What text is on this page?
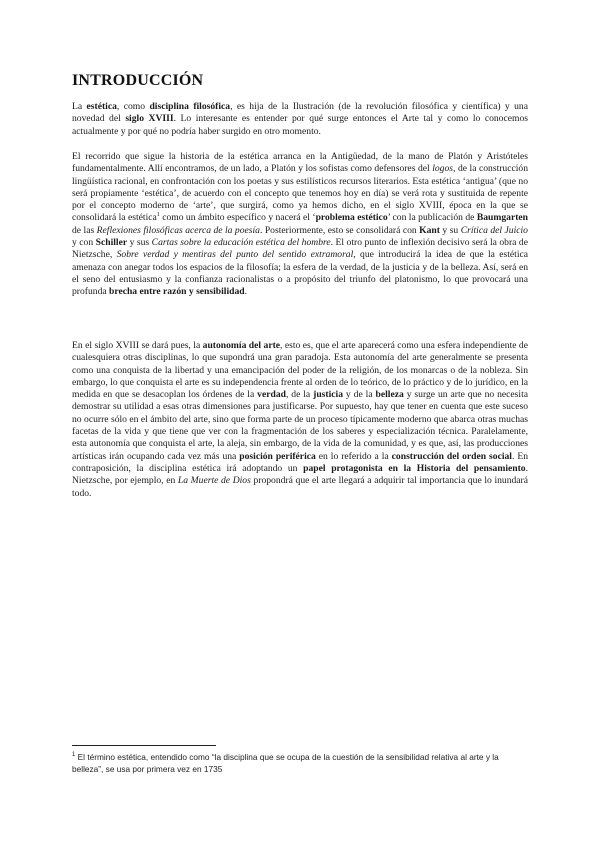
INTRODUCCIÓN

La estética, como disciplina filosófica, es hija de la Ilustración (de la revolución filosófica y científica) y una novedad del siglo XVIII. Lo interesante es entender por qué surge entonces el Arte tal y como lo conocemos actualmente y por qué no podría haber surgido en otro momento.

El recorrido que sigue la historia de la estética arranca en la Antigüedad, de la mano de Platón y Aristóteles fundamentalmente. Allí encontramos, de un lado, a Platón y los sofistas como defensores del logos, de la construcción lingüística racional, en confrontación con los poetas y sus estilísticos recursos literarios. Esta estética ‘antigua’ (que no será propiamente ‘estética’, de acuerdo con el concepto que tenemos hoy en día) se verá rota y sustituida de repente por el concepto moderno de ‘arte’, que surgirá, como ya hemos dicho, en el siglo XVIII, época en la que se consolidará la estética$^1$ como un ámbito específico y nacerá el ‘problema estético’ con la publicación de Baumgarten de las Reflexiones filosóficas acerca de la poesía. Posteriormente, esto se consolidará con Kant y su Crítica del Juicio y con Schiller y sus Cartas sobre la educación estética del hombre. El otro punto de inflexión decisivo será la obra de Nietzsche, Sobre verdad y mentiras del punto del sentido extramoral, que introducirá la idea de que la estética amenaza con anegar todos los espacios de la filosofía; la esfera de la verdad, de la justicia y de la belleza. Así, será en el seno del entusiasmo y la confianza racionalistas o a propósito del triunfo del platonismo, lo que provocará una profunda brecha entre razón y sensibilidad.

En el siglo XVIII se dará pues, la autonomía del arte, esto es, que el arte aparecerá como una esfera independiente de cualesquiera otras disciplinas, lo que supondrá una gran paradoja. Esta autonomía del arte generalmente se presenta como una conquista de la libertad y una emancipación del poder de la religión, de los monarcas o de la nobleza. Sin embargo, lo que conquista el arte es su independencia frente al orden de lo teórico, de lo práctico y de lo jurídico, en la medida en que se desacoplan los órdenes de la verdad, de la justicia y de la belleza y surge un arte que no necesita demostrar su utilidad a esas otras dimensiones para justificarse. Por supuesto, hay que tener en cuenta que este suceso no ocurre sólo en el ámbito del arte, sino que forma parte de un proceso típicamente moderno que abarca otras muchas facetas de la vida y que tiene que ver con la fragmentación de los saberes y especialización técnica. Paralelamente, esta autonomía que conquista el arte, la aleja, sin embargo, de la vida de la comunidad, y es que, así, las producciones artísticas irán ocupando cada vez más una posición periférica en lo referido a la construcción del orden social. En contraposición, la disciplina estética irá adoptando un papel protagonista en la Historia del pensamiento. Nietzsche, por ejemplo, en La Muerte de Dios propondrá que el arte llegará a adquirir tal importancia que lo inundará todo.

$^1$ El término estética, entendido como “la disciplina que se ocupa de la cuestión de la sensibilidad relativa al arte y la belleza”, se usa por primera vez en 1735
